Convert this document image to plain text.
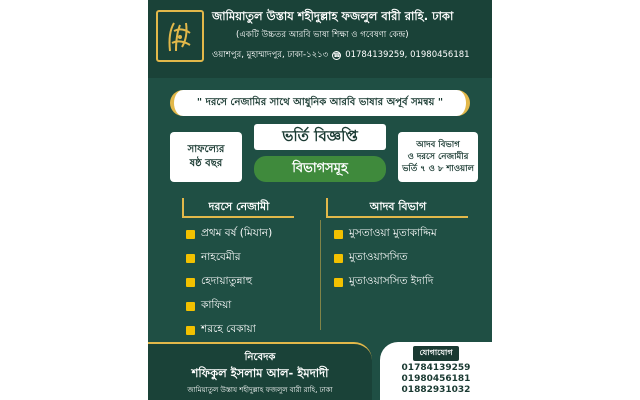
জামিয়াতুল উস্তায শহীদুল্লাহ ফজলুল বারী রাহি. ঢাকা
(একটি উচ্চতর আরবি ভাষা শিক্ষা ও গবেষণা কেন্দ্র)
ওয়াশপুর, মুহাম্মাদপুর, ঢাকা-১২১৩ ☎ 01784139259, 01980456181
" দরসে নেজামির সাথে আধুনিক আরবি ভাষার অপূর্ব সমন্বয় "
সাফল্যের
ষষ্ঠ বছর
ভর্তি বিজ্ঞপ্তি
বিভাগসমূহ
আদব বিভাগ
ও দরসে নেজামীর
ভর্তি ৭ ও ৮ শাওয়াল
দরসে নেজামী	আদব বিভাগ
প্রথম বর্ষ (মিযান)
নাহবেমীর
হেদায়াতুন্নাহু
কাফিয়া
শরহে বেকায়া
মুসতাওয়া মুতাকাদ্দিম
মুতাওয়াসসিত
মুতাওয়াসসিত ইদাদি
নিবেদক
শফিকুল ইসলাম আল- ইমদাদী
জামিয়াতুল উস্তায শহীদুল্লাহ ফজলুল বারী রাহি, ঢাকা
যোগাযোগ
01784139259
01980456181
01882931032
